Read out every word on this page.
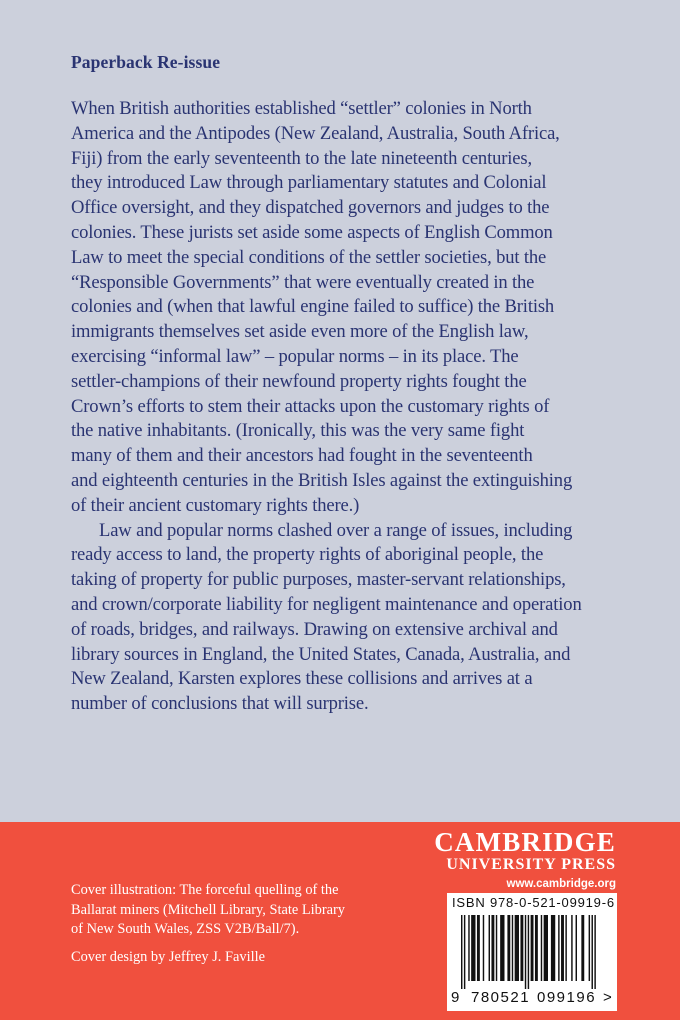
Paperback Re-issue
When British authorities established “settler” colonies in North
America and the Antipodes (New Zealand, Australia, South Africa,
Fiji) from the early seventeenth to the late nineteenth centuries,
they introduced Law through parliamentary statutes and Colonial
Office oversight, and they dispatched governors and judges to the
colonies. These jurists set aside some aspects of English Common
Law to meet the special conditions of the settler societies, but the
“Responsible Governments” that were eventually created in the
colonies and (when that lawful engine failed to suffice) the British
immigrants themselves set aside even more of the English law,
exercising “informal law” – popular norms – in its place. The
settler-champions of their newfound property rights fought the
Crown’s efforts to stem their attacks upon the customary rights of
the native inhabitants. (Ironically, this was the very same fight
many of them and their ancestors had fought in the seventeenth
and eighteenth centuries in the British Isles against the extinguishing
of their ancient customary rights there.)
Law and popular norms clashed over a range of issues, including
ready access to land, the property rights of aboriginal people, the
taking of property for public purposes, master-servant relationships,
and crown/corporate liability for negligent maintenance and operation
of roads, bridges, and railways. Drawing on extensive archival and
library sources in England, the United States, Canada, Australia, and
New Zealand, Karsten explores these collisions and arrives at a
number of conclusions that will surprise.
CAMBRIDGE
UNIVERSITY PRESS
www.cambridge.org
Cover illustration: The forceful quelling of the
Ballarat miners (Mitchell Library, State Library
of New South Wales, ZSS V2B/Ball/7).
Cover design by Jeffrey J. Faville
ISBN 978-0-521-09919-6
9 780521 099196 >
